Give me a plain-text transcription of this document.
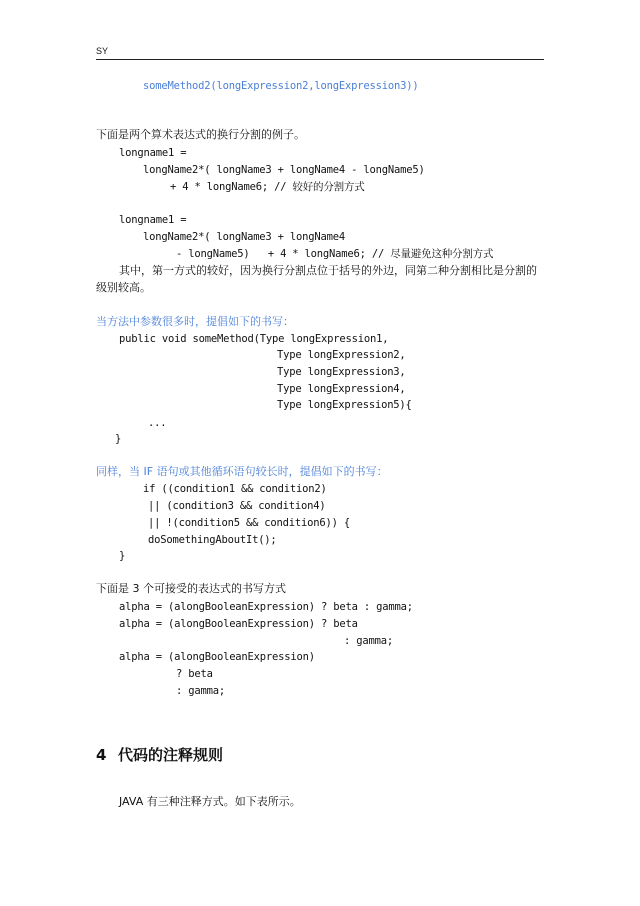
SY
someMethod2(longExpression2,longExpression3))
下面是两个算术表达式的换行分割的例子。
longname1 =
longName2*( longName3 + longName4 - longName5)
+ 4 * longName6; // 较好的分割方式
longname1 =
longName2*( longName3 + longName4
- longName5)   + 4 * longName6; // 尽量避免这种分割方式
其中，第一方式的较好，因为换行分割点位于括号的外边，同第二种分割相比是分割的
级别较高。
当方法中参数很多时，提倡如下的书写：
public void someMethod(Type longExpression1,
Type longExpression2,
Type longExpression3,
Type longExpression4,
Type longExpression5){
...
}
同样，当 IF 语句或其他循环语句较长时，提倡如下的书写：
if ((condition1 && condition2)
|| (condition3 && condition4)
|| !(condition5 && condition6)) {
doSomethingAboutIt();
}
下面是 3 个可接受的表达式的书写方式
alpha = (alongBooleanExpression) ? beta : gamma;
alpha = (alongBooleanExpression) ? beta
: gamma;
alpha = (alongBooleanExpression)
? beta
: gamma;
4 代码的注释规则
JAVA 有三种注释方式。如下表所示。
